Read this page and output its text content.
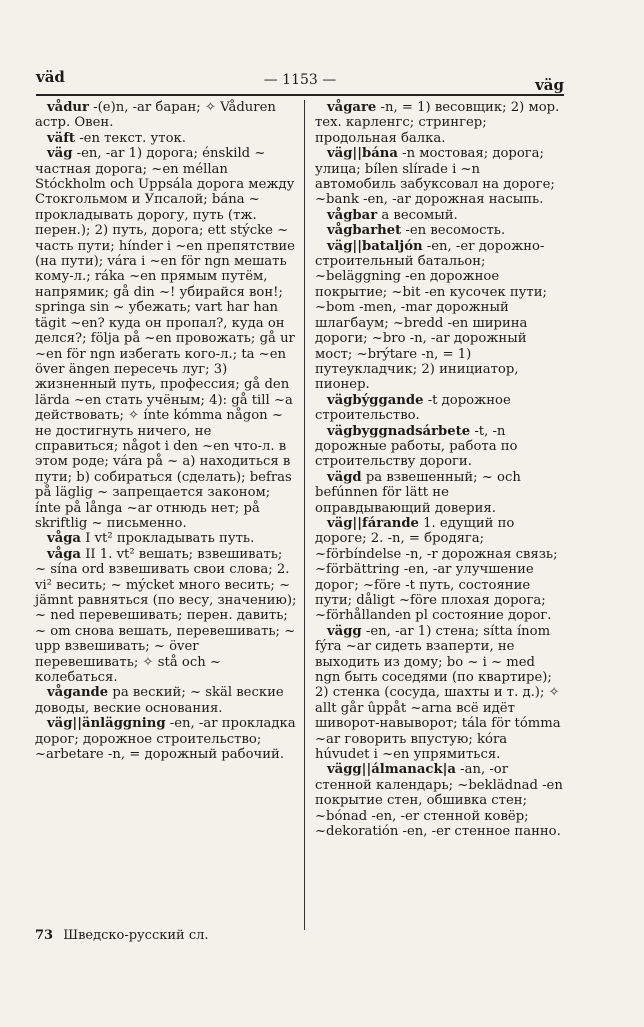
väd	— 1153 —	väg

vådur -(e)n, -ar баран; ✧ Våduren астр. Овен.

väft -en текст. уток.

väg -en, -ar 1) дорога; énskild ~ частная дорога; ~en méllan Stóckholm och Uppsála дорога между Стокгольмом и Упсалой; bána ~ прокладывать дорогу, путь (тж. перен.); 2) путь, дорога; ett stýcke ~ часть пути; hínder i ~en препятствие (на пути); vára i ~en för ngn мешать кому-л.; ráka ~en прямым путём, напрямик; gå din ~! убирайся вон!; springa sin ~ убежать; vart har han tägit ~en? куда он пропал?, куда он делся?; följa på ~en провожать; gå ur ~en för ngn избегать кого-л.; ta ~en över ängen пересечь луг; 3) жизненный путь, профессия; gå den lärda ~en стать учёным; 4): gå till ~a действовать; ✧ ínte kómma någon ~ не достигнуть ничего, не справиться; något i den ~en что-л. в этом роде; vára på ~ a) находиться в пути; b) собираться (сделать); befras på läglig ~ запрещается законом; ínte på långa ~ar отнюдь нет; på skriftlig ~ письменно.

våga I vt² прокладывать путь.

våga II 1. vt² вешать; взвешивать; ~ sína ord взвешивать свои слова; 2. vi² весить; ~ mýcket много весить; ~ jämnt равняться (по весу, значению); ~ ned перевешивать; перен. давить; ~ om снова вешать, перевешивать; ~ upp взвешивать; ~ över перевешивать; ✧ stå och ~ колебаться.

vågande pa веский; ~ skäl веские доводы, веские основания.

väg||änläggning -en, -ar прокладка дорог; дорожное строительство; ~arbetare -n, = дорожный рабочий.

vågare -n, = 1) весовщик; 2) мор. тех. карленгс; стрингер; продольная балка.

väg||bána -n мостовая; дорога; улица; bílen slírade i ~n автомобиль забуксовал на дороге; ~bank -en, -ar дорожная насыпь.

vågbar a весомый.

vågbarhet -en весомость.

väg||bataljón -en, -er дорожно-строительный батальон; ~beläggning -en дорожное покрытие; ~bit -en кусочек пути; ~bom -men, -mar дорожный шлагбаум; ~bredd -en ширина дороги; ~bro -n, -ar дорожный мост; ~brýtare -n, = 1) путеукладчик; 2) инициатор, пионер.

vägbýggande -t дорожное строительство.

vägbyggnadsárbete -t, -n дорожные работы, работа по строительству дороги.

vägd pa взвешенный; ~ och befúnnen för lätt не оправдывающий доверия.

väg||fárande 1. едущий по дороге; 2. -n, = бродяга; ~förbíndelse -n, -r дорожная связь; ~förbättring -en, -ar улучшение дорог; ~före -t путь, состояние пути; dåligt ~före плохая дорога; ~förhållanden pl состояние дорог.

vägg -en, -ar 1) стена; sítta ínom fýra ~ar сидеть взаперти, не выходить из дому; bo ~ i ~ med ngn быть соседями (по квартире); 2) стенка (сосуда, шахты и т. д.); ✧ allt går ûppåt ~arna всё идёт шиворот-навыворот; tála för tómma ~ar говорить впустую; kóra húvudet i ~en упрямиться.

vägg||álmanack|a -an, -or стенной календарь; ~beklädnad -en покрытие стен, обшивка стен; ~bónad -en, -er стенной ковёр; ~dekoratión -en, -er стенное панно.

73 Шведско-русский сл.
